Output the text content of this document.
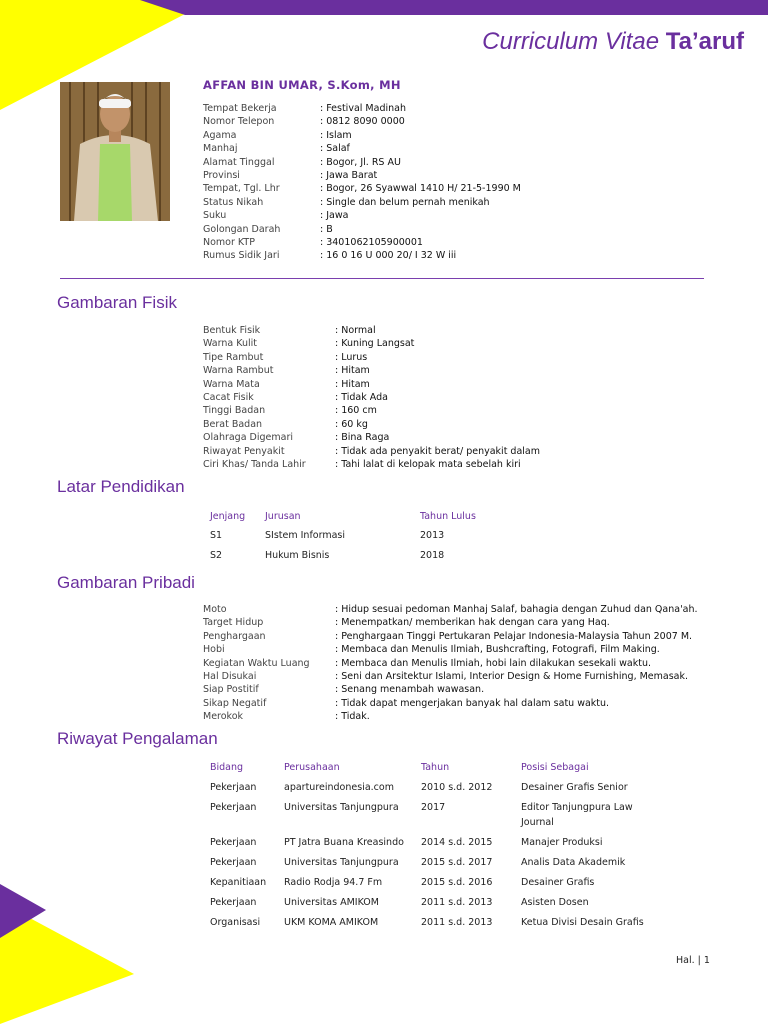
Curriculum Vitae Ta’aruf
AFFAN BIN UMAR, S.Kom, MH
Tempat Bekerja	: Festival Madinah
Nomor Telepon	: 0812 8090 0000
Agama	: Islam
Manhaj	: Salaf
Alamat Tinggal	: Bogor, Jl. RS AU
Provinsi	: Jawa Barat
Tempat, Tgl. Lhr	: Bogor, 26 Syawwal 1410 H/ 21-5-1990 M
Status Nikah	: Single dan belum pernah menikah
Suku	: Jawa
Golongan Darah	: B
Nomor KTP	: 3401062105900001
Rumus Sidik Jari	: 16 0 16 U 000 20/ I 32 W iii
Gambaran Fisik
Bentuk Fisik	: Normal
Warna Kulit	: Kuning Langsat
Tipe Rambut	: Lurus
Warna Rambut	: Hitam
Warna Mata	: Hitam
Cacat Fisik	: Tidak Ada
Tinggi Badan	: 160 cm
Berat Badan	: 60 kg
Olahraga Digemari	: Bina Raga
Riwayat Penyakit	: Tidak ada penyakit berat/ penyakit dalam
Ciri Khas/ Tanda Lahir	: Tahi lalat di kelopak mata sebelah kiri
Latar Pendidikan
Jenjang	Jurusan	Tahun Lulus
S1	SIstem Informasi	2013
S2	Hukum Bisnis	2018
Gambaran Pribadi
Moto	: Hidup sesuai pedoman Manhaj Salaf, bahagia dengan Zuhud dan Qana'ah.
Target Hidup	: Menempatkan/ memberikan hak dengan cara yang Haq.
Penghargaan	: Penghargaan Tinggi Pertukaran Pelajar Indonesia-Malaysia Tahun 2007 M.
Hobi	: Membaca dan Menulis Ilmiah, Bushcrafting, Fotografi, Film Making.
Kegiatan Waktu Luang	: Membaca dan Menulis Ilmiah, hobi lain dilakukan sesekali waktu.
Hal Disukai	: Seni dan Arsitektur Islami, Interior Design & Home Furnishing, Memasak.
Siap Postitif	: Senang menambah wawasan.
Sikap Negatif	: Tidak dapat mengerjakan banyak hal dalam satu waktu.
Merokok	: Tidak.
Riwayat Pengalaman
Bidang	Perusahaan	Tahun	Posisi Sebagai
Pekerjaan	apartureindonesia.com	2010 s.d. 2012	Desainer Grafis Senior
Pekerjaan	Universitas Tanjungpura	2017	Editor Tanjungpura Law Journal
Pekerjaan	PT Jatra Buana Kreasindo	2014 s.d. 2015	Manajer Produksi
Pekerjaan	Universitas Tanjungpura	2015 s.d. 2017	Analis Data Akademik
Kepanitiaan	Radio Rodja 94.7 Fm	2015 s.d. 2016	Desainer Grafis
Pekerjaan	Universitas AMIKOM	2011 s.d. 2013	Asisten Dosen
Organisasi	UKM KOMA AMIKOM	2011 s.d. 2013	Ketua Divisi Desain Grafis
Hal. | 1
